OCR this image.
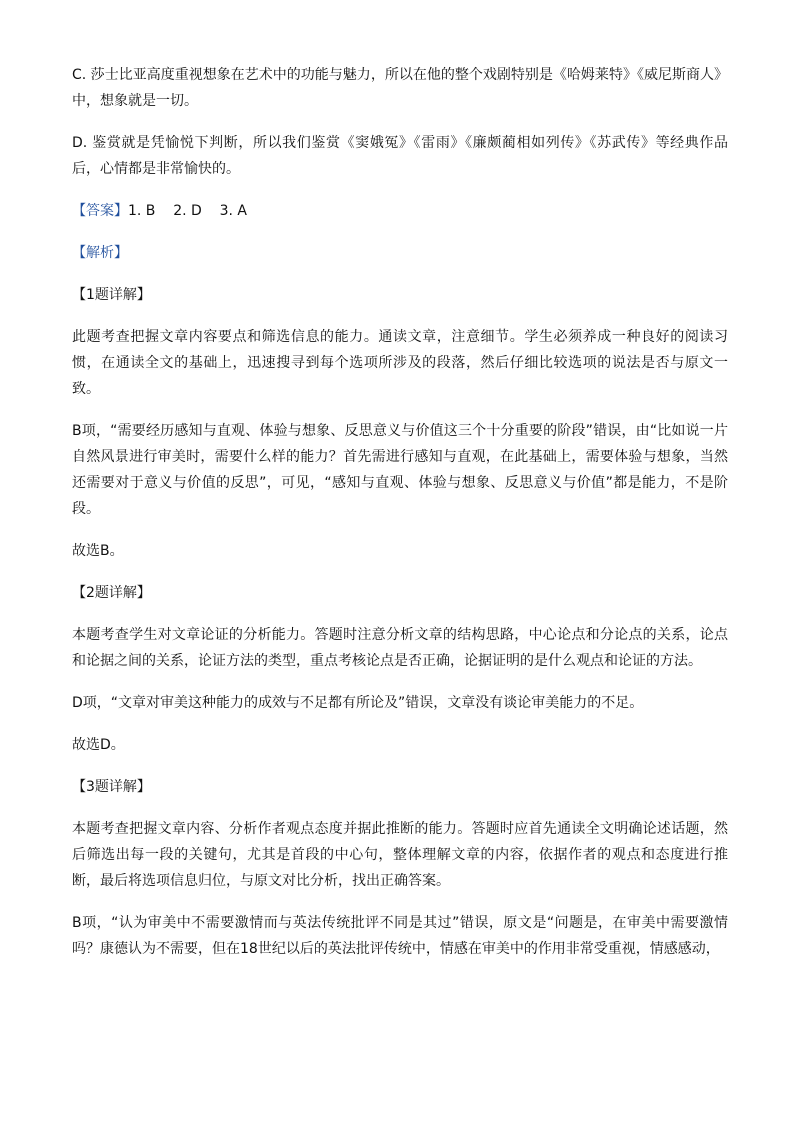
C. 莎士比亚高度重视想象在艺术中的功能与魅力，所以在他的整个戏剧特别是《哈姆莱特》《威尼斯商人》中，想象就是一切。

D. 鉴赏就是凭愉悦下判断，所以我们鉴赏《窦娥冤》《雷雨》《廉颇蔺相如列传》《苏武传》等经典作品后，心情都是非常愉快的。

【答案】1. B    2. D    3. A

【解析】

【1题详解】

此题考查把握文章内容要点和筛选信息的能力。通读文章，注意细节。学生必须养成一种良好的阅读习惯，在通读全文的基础上，迅速搜寻到每个选项所涉及的段落，然后仔细比较选项的说法是否与原文一致。

B项，“需要经历感知与直观、体验与想象、反思意义与价值这三个十分重要的阶段”错误，由“比如说一片自然风景进行审美时，需要什么样的能力？首先需进行感知与直观，在此基础上，需要体验与想象，当然还需要对于意义与价值的反思”，可见，“感知与直观、体验与想象、反思意义与价值”都是能力，不是阶段。

故选B。

【2题详解】

本题考查学生对文章论证的分析能力。答题时注意分析文章的结构思路，中心论点和分论点的关系，论点和论据之间的关系，论证方法的类型，重点考核论点是否正确，论据证明的是什么观点和论证的方法。

D项，“文章对审美这种能力的成效与不足都有所论及”错误，文章没有谈论审美能力的不足。

故选D。

【3题详解】

本题考查把握文章内容、分析作者观点态度并据此推断的能力。答题时应首先通读全文明确论述话题，然后筛选出每一段的关键句，尤其是首段的中心句，整体理解文章的内容，依据作者的观点和态度进行推断，最后将选项信息归位，与原文对比分析，找出正确答案。

B项，“认为审美中不需要激情而与英法传统批评不同是其过”错误，原文是“问题是，在审美中需要激情吗？康德认为不需要，但在18世纪以后的英法批评传统中，情感在审美中的作用非常受重视，情感感动，
